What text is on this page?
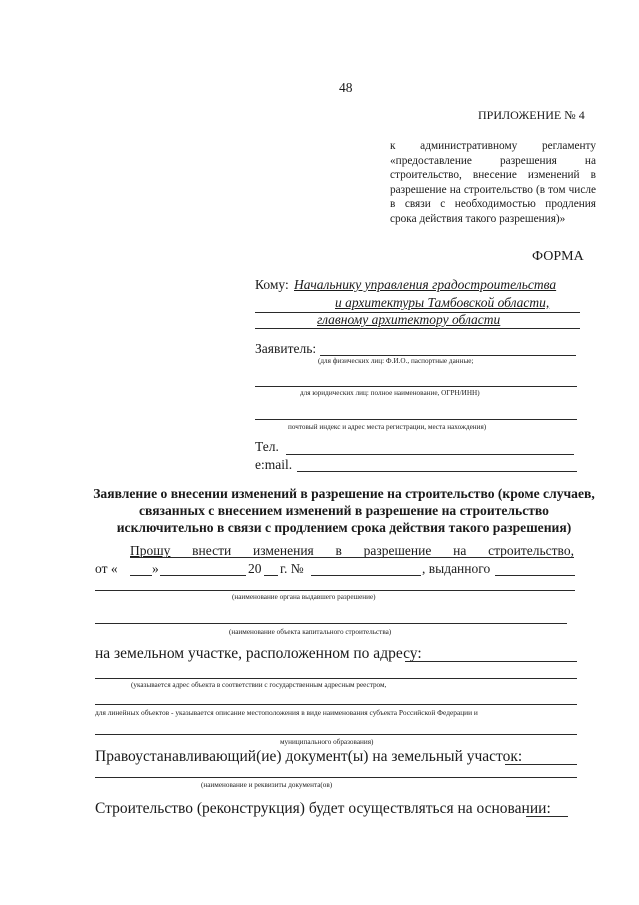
48
ПРИЛОЖЕНИЕ № 4
к административному регламенту «предоставление разрешения на строительство, внесение изменений в разрешение на строительство (в том числе в связи с необходимостью продления срока действия такого разрешения)»
ФОРМА
Кому: Начальнику управления градостроительства
и архитектуры Тамбовской области,
главному архитектору области
Заявитель:
(для физических лиц: Ф.И.О., паспортные данные;
для юридических лиц: полное наименование, ОГРН/ИНН)
почтовый индекс и адрес места регистрации, места нахождения)
Тел.
e:mail.
Заявление о внесении изменений в разрешение на строительство (кроме случаев, связанных с внесением изменений в разрешение на строительство исключительно в связи с продлением срока действия такого разрешения)
Прошу внести изменения в разрешение на строительство,
от «	»	20 г. №	, выданного
(наименование органа выдавшего разрешение)
(наименование объекта капитального строительства)
на земельном участке, расположенном по адресу:
(указывается адрес объекта в соответствии с государственным адресным реестром,
для линейных объектов - указывается описание местоположения в виде наименования субъекта Российской Федерации и
муниципального образования)
Правоустанавливающий(ие) документ(ы) на земельный участок:
(наименование и реквизиты документа(ов)
Строительство (реконструкция) будет осуществляться на основании:
